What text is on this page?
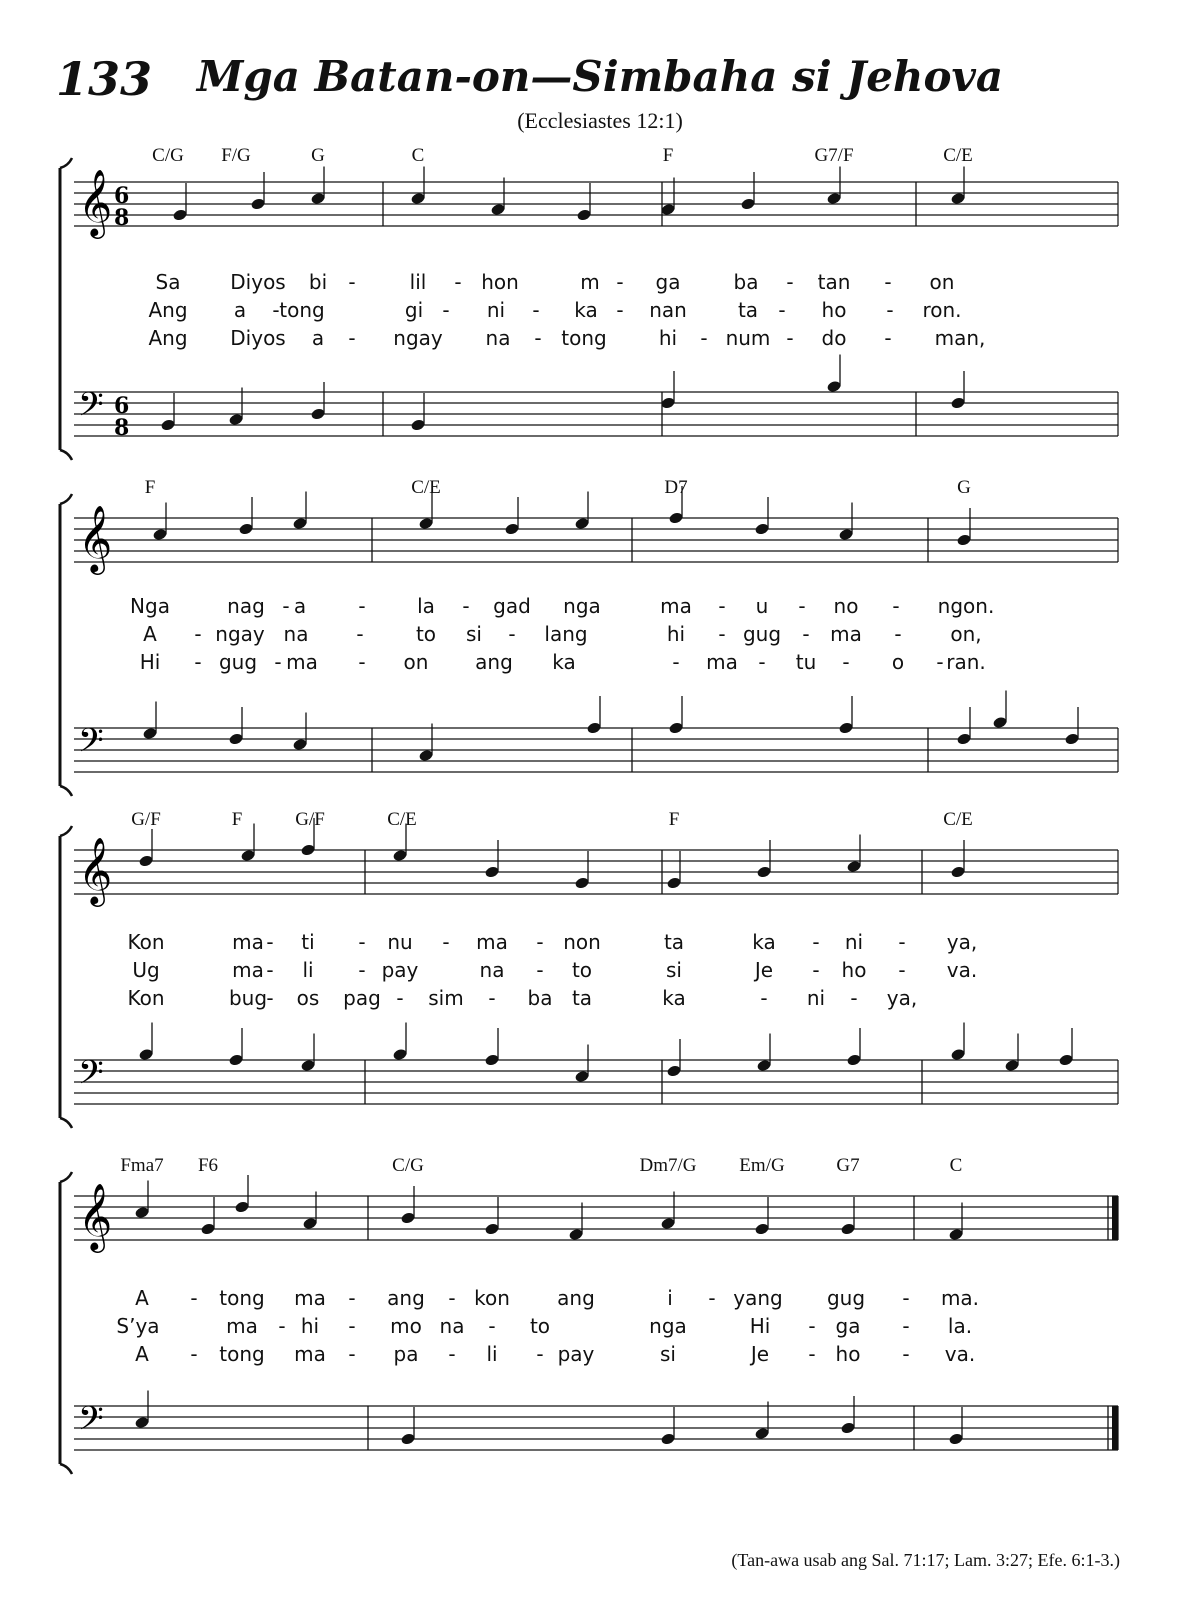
133	Mga Batan-on—Simbaha si Jehova
(Ecclesiastes 12:1)
𝄞 6
8
𝄢 6
8
𝄞
𝄢
𝄞
𝄢
𝄞
𝄢
C/G F/G	G	C	F	G7/F	C/E
Sa Diyos bi -	lil - hon	m - ga	ba - tan - on
Ang a - tong	gi - ni - ka - nan	ta - ho - ron.
Ang Diyos a - ngay na - tong	hi - num - do - man,
F	C/E	D7	G
Nga	nag - a	-	la - gad nga	ma - u - no - ngon.
A - ngay na -	to si - lang	hi - gug - ma - on,
Hi - gug - ma - on ang ka	- ma - tu - o - ran.
G/F	F	G/F	C/E	F	C/E
Kon	ma - ti - nu - ma - non	ta	ka - ni - ya,
Ug	ma - li - pay	na - to	si	Je - ho - va.
Kon	bug - os pag - sim - ba ta	ka	- ni - ya,
Fma7 F6	C/G	Dm7/G Em/G	G7	C
A - tong ma - ang - kon ang	i - yang gug - ma.
S’ya	ma - hi - mo na - to	nga	Hi - ga - la.
A - tong ma - pa - li - pay	si	Je - ho - va.
(Tan-awa usab ang Sal. 71:17; Lam. 3:27; Efe. 6:1-3.)
